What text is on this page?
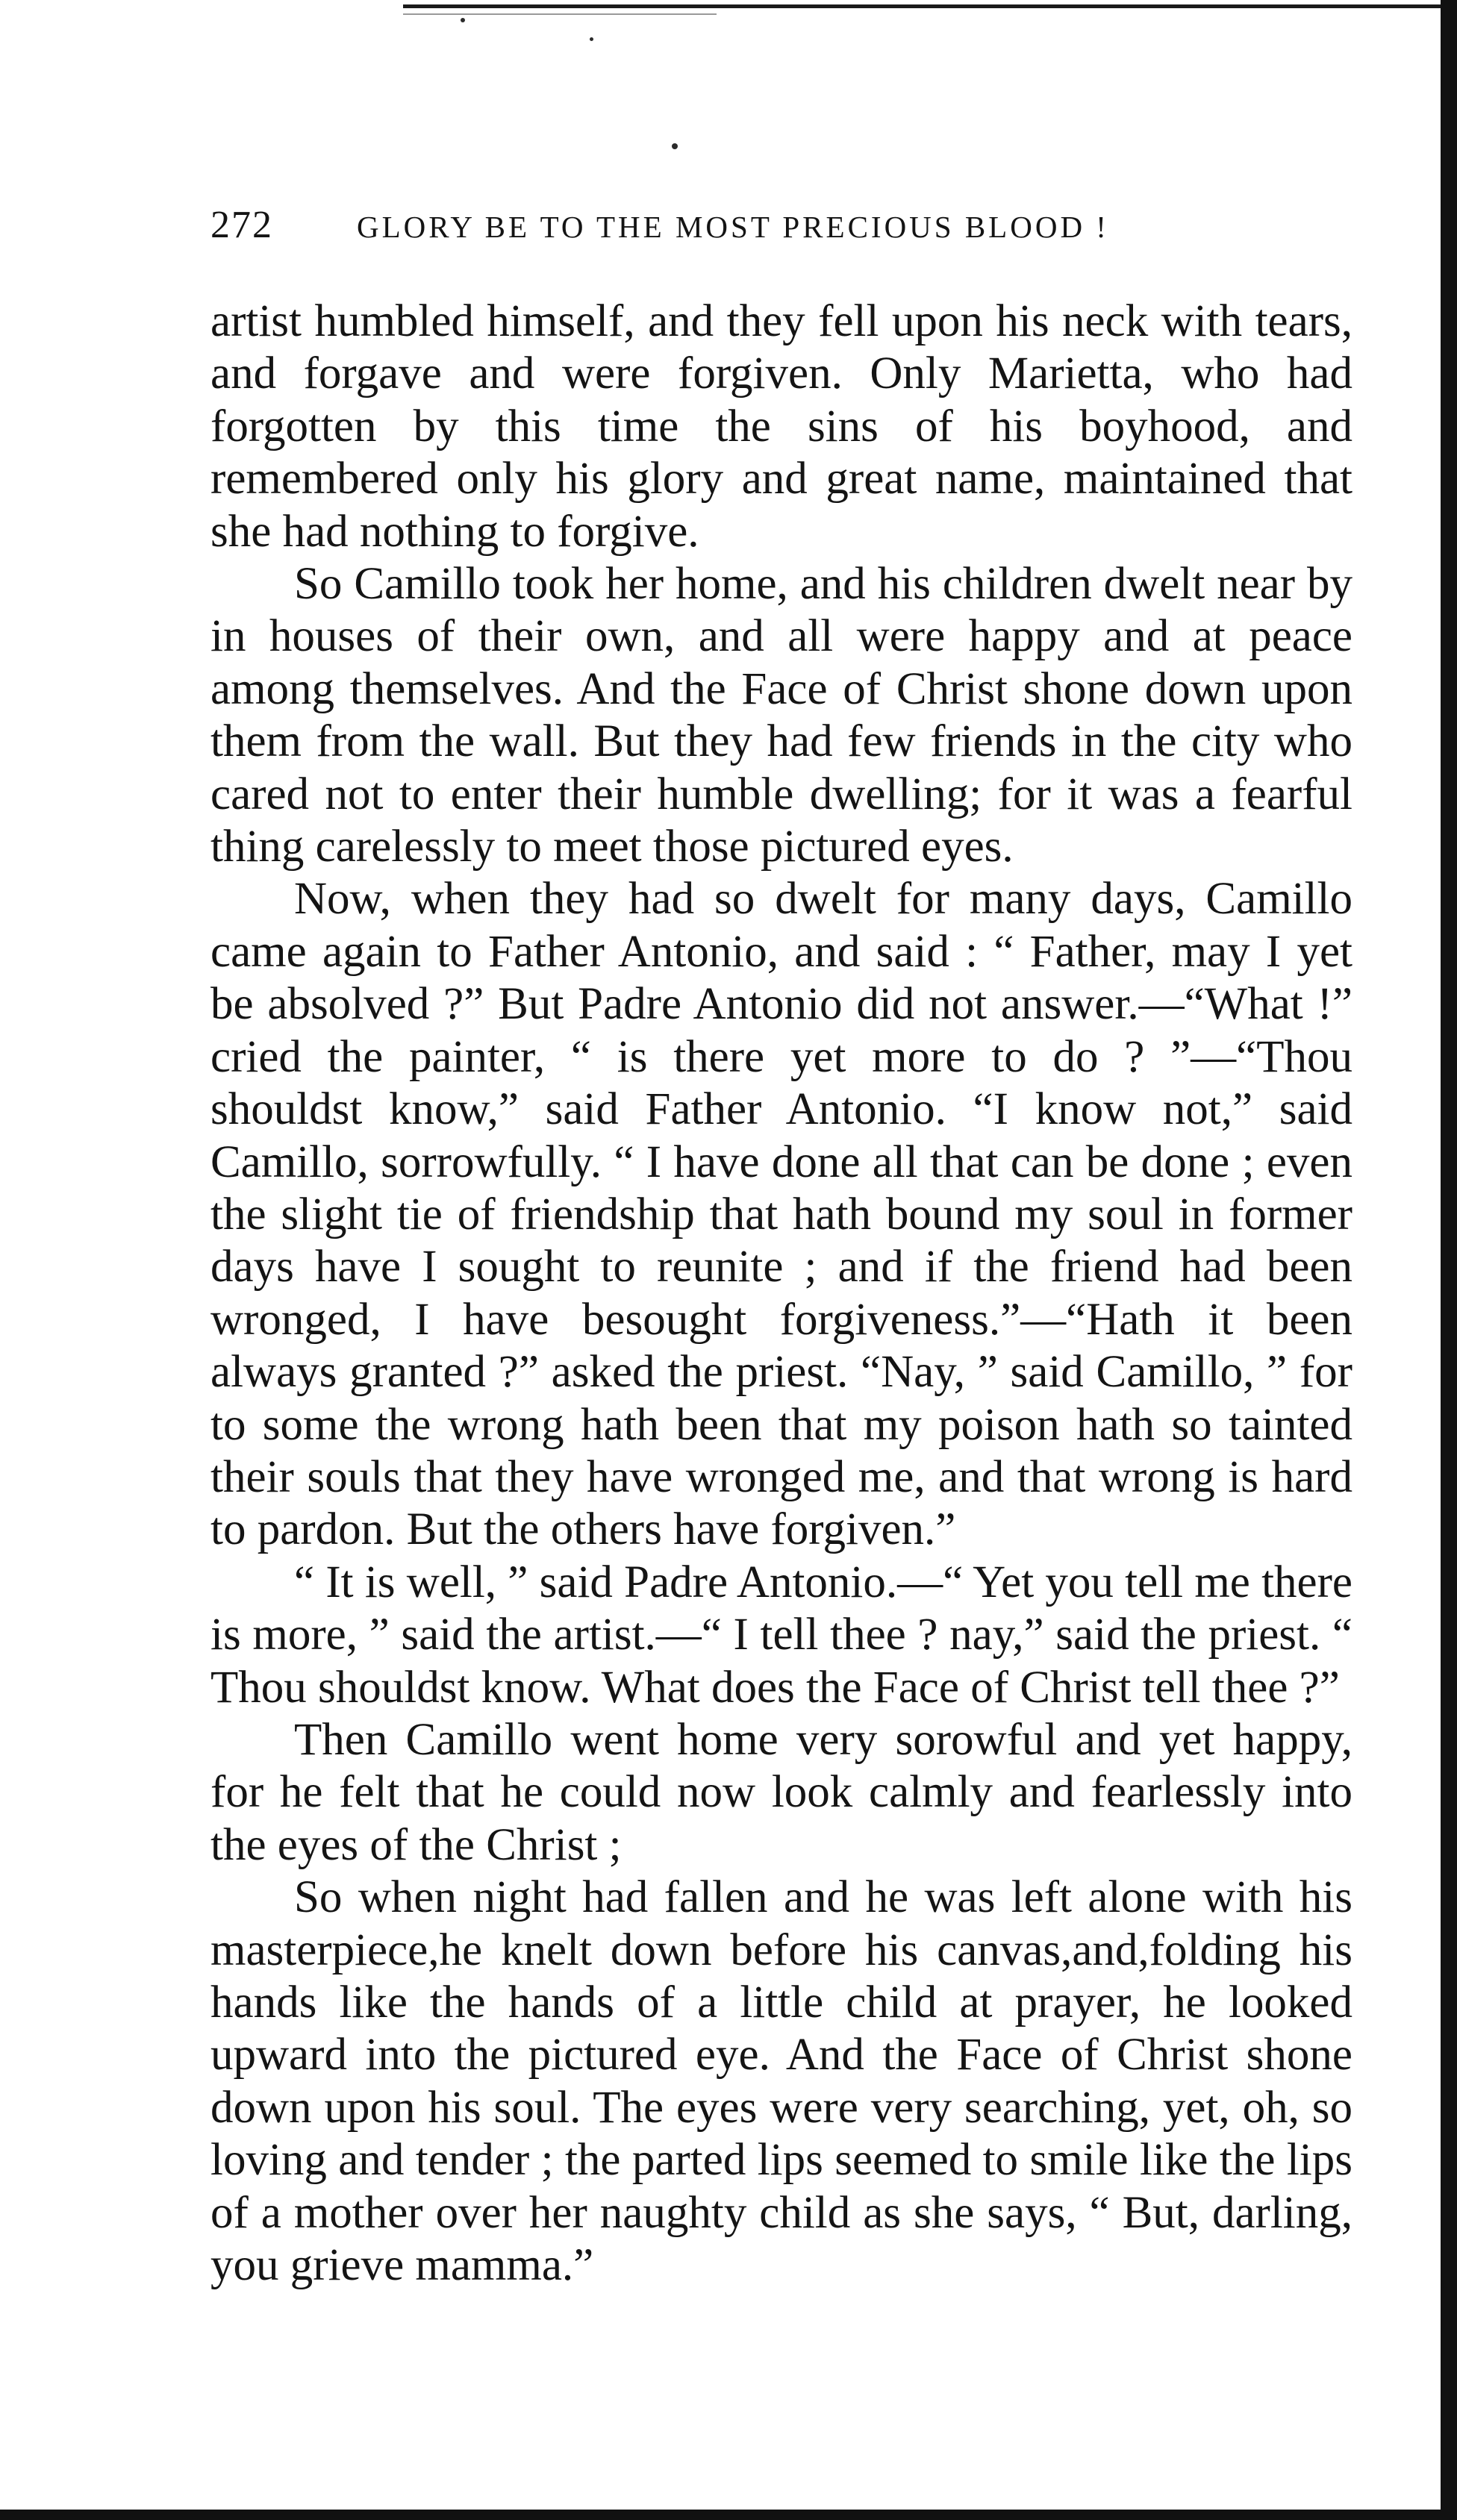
272	GLORY BE TO THE MOST PRECIOUS BLOOD !

artist humbled himself, and they fell upon his neck with tears, and forgave and were forgiven. Only Marietta, who had forgotten by this time the sins of his boyhood, and remembered only his glory and great name, maintained that she had nothing to forgive.

So Camillo took her home, and his children dwelt near by in houses of their own, and all were happy and at peace among themselves. And the Face of Christ shone down upon them from the wall. But they had few friends in the city who cared not to enter their humble dwelling; for it was a fearful thing carelessly to meet those pictured eyes.

Now, when they had so dwelt for many days, Camillo came again to Father Antonio, and said : “ Father, may I yet be absolved ?” But Padre Antonio did not answer.—“What !” cried the painter, “ is there yet more to do ? ”—“Thou shouldst know,” said Father Antonio. “I know not,” said Camillo, sorrowfully. “ I have done all that can be done ; even the slight tie of friendship that hath bound my soul in former days have I sought to reunite ; and if the friend had been wronged, I have besought forgiveness.”—“Hath it been always granted ?” asked the priest. “Nay, ” said Camillo, ” for to some the wrong hath been that my poison hath so tainted their souls that they have wronged me, and that wrong is hard to pardon. But the others have forgiven.”

“ It is well, ” said Padre Antonio.—“ Yet you tell me there is more, ” said the artist.—“ I tell thee ? nay,” said the priest. “ Thou shouldst know. What does the Face of Christ tell thee ?”

Then Camillo went home very sorowful and yet happy, for he felt that he could now look calmly and fearlessly into the eyes of the Christ ;

So when night had fallen and he was left alone with his masterpiece,he knelt down before his canvas,and,folding his hands like the hands of a little child at prayer, he looked upward into the pictured eye. And the Face of Christ shone down upon his soul. The eyes were very searching, yet, oh, so loving and tender ; the parted lips seemed to smile like the lips of a mother over her naughty child as she says, “ But, darling, you grieve mamma.”
